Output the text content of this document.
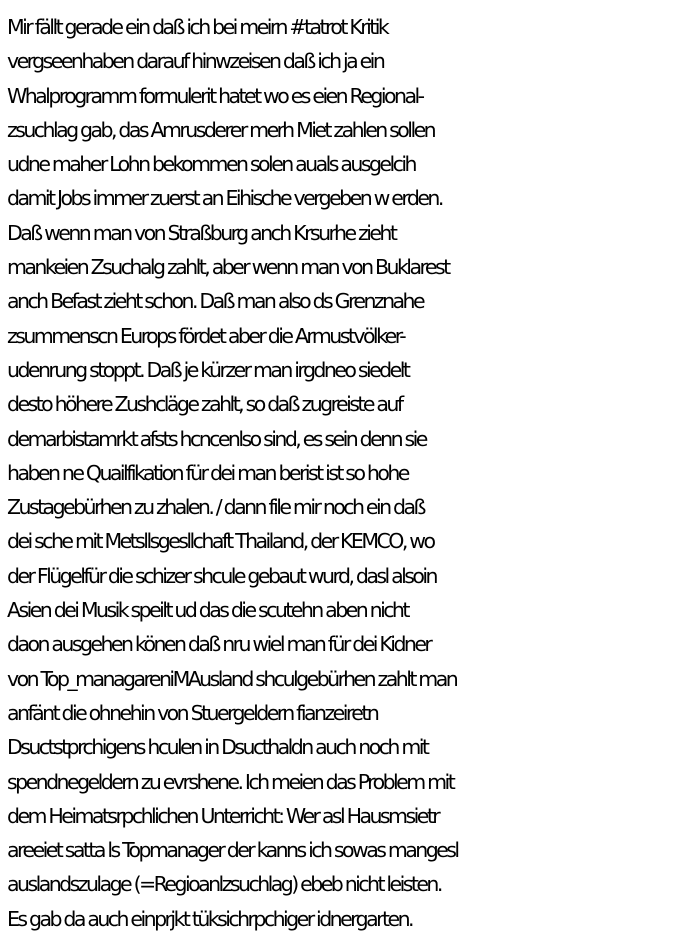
Mir fällt gerade ein daß ich bei meirn #tatrot Kritik
vergseenhaben darauf hinwzeisen daß ich ja ein
Whalprogramm formulerit hatet wo es eien Regional-
zsuchlag gab, das Amrusderer merh Miet zahlen sollen
udne maher Lohn bekommen solen auals ausgelcih
damit Jobs immer zuerst an Eihische vergeben w erden.
Daß wenn man von Straßburg anch Krsurhe zieht
mankeien Zsuchalg zahlt, aber wenn man von Buklarest
anch Befast zieht schon. Daß man also ds Grenznahe
zsummenscn Europs fördet aber die Armustvölker-
udenrung stoppt. Daß je kürzer man irgdneo siedelt
desto höhere Zushcläge zahlt, so daß zugreiste auf
demarbistamrkt afsts hcncenlso sind, es sein denn sie
haben ne Quailfikation für dei man berist ist so hohe
Zustagebürhen zu zhalen. / dann file mir noch ein daß
dei sche mit Metsllsgesllchaft Thailand, der KEMCO, wo
der Flügelfür die schizer shcule gebaut wurd, dasl alsoin
Asien dei Musik speilt ud das die scutehn aben nicht
daon ausgehen könen daß nru wiel man für dei Kidner
von Top_managareniMAusland shculgebürhen zahlt man
anfänt die ohnehin von Stuergeldern fianzeiretn
Dsuctstprchigens hculen in Dsucthaldn auch noch mit
spendnegeldern zu evrshene. Ich meien das Problem mit
dem Heimatsrpchlichen Unterricht: Wer asl Hausmsietr
areeiet satta ls Topmanager der kanns ich sowas mangesl
auslandszulage (=Regioanlzsuchlag) ebeb nicht leisten.
Es gab da auch einprjkt tüksichrpchiger idnergarten.
